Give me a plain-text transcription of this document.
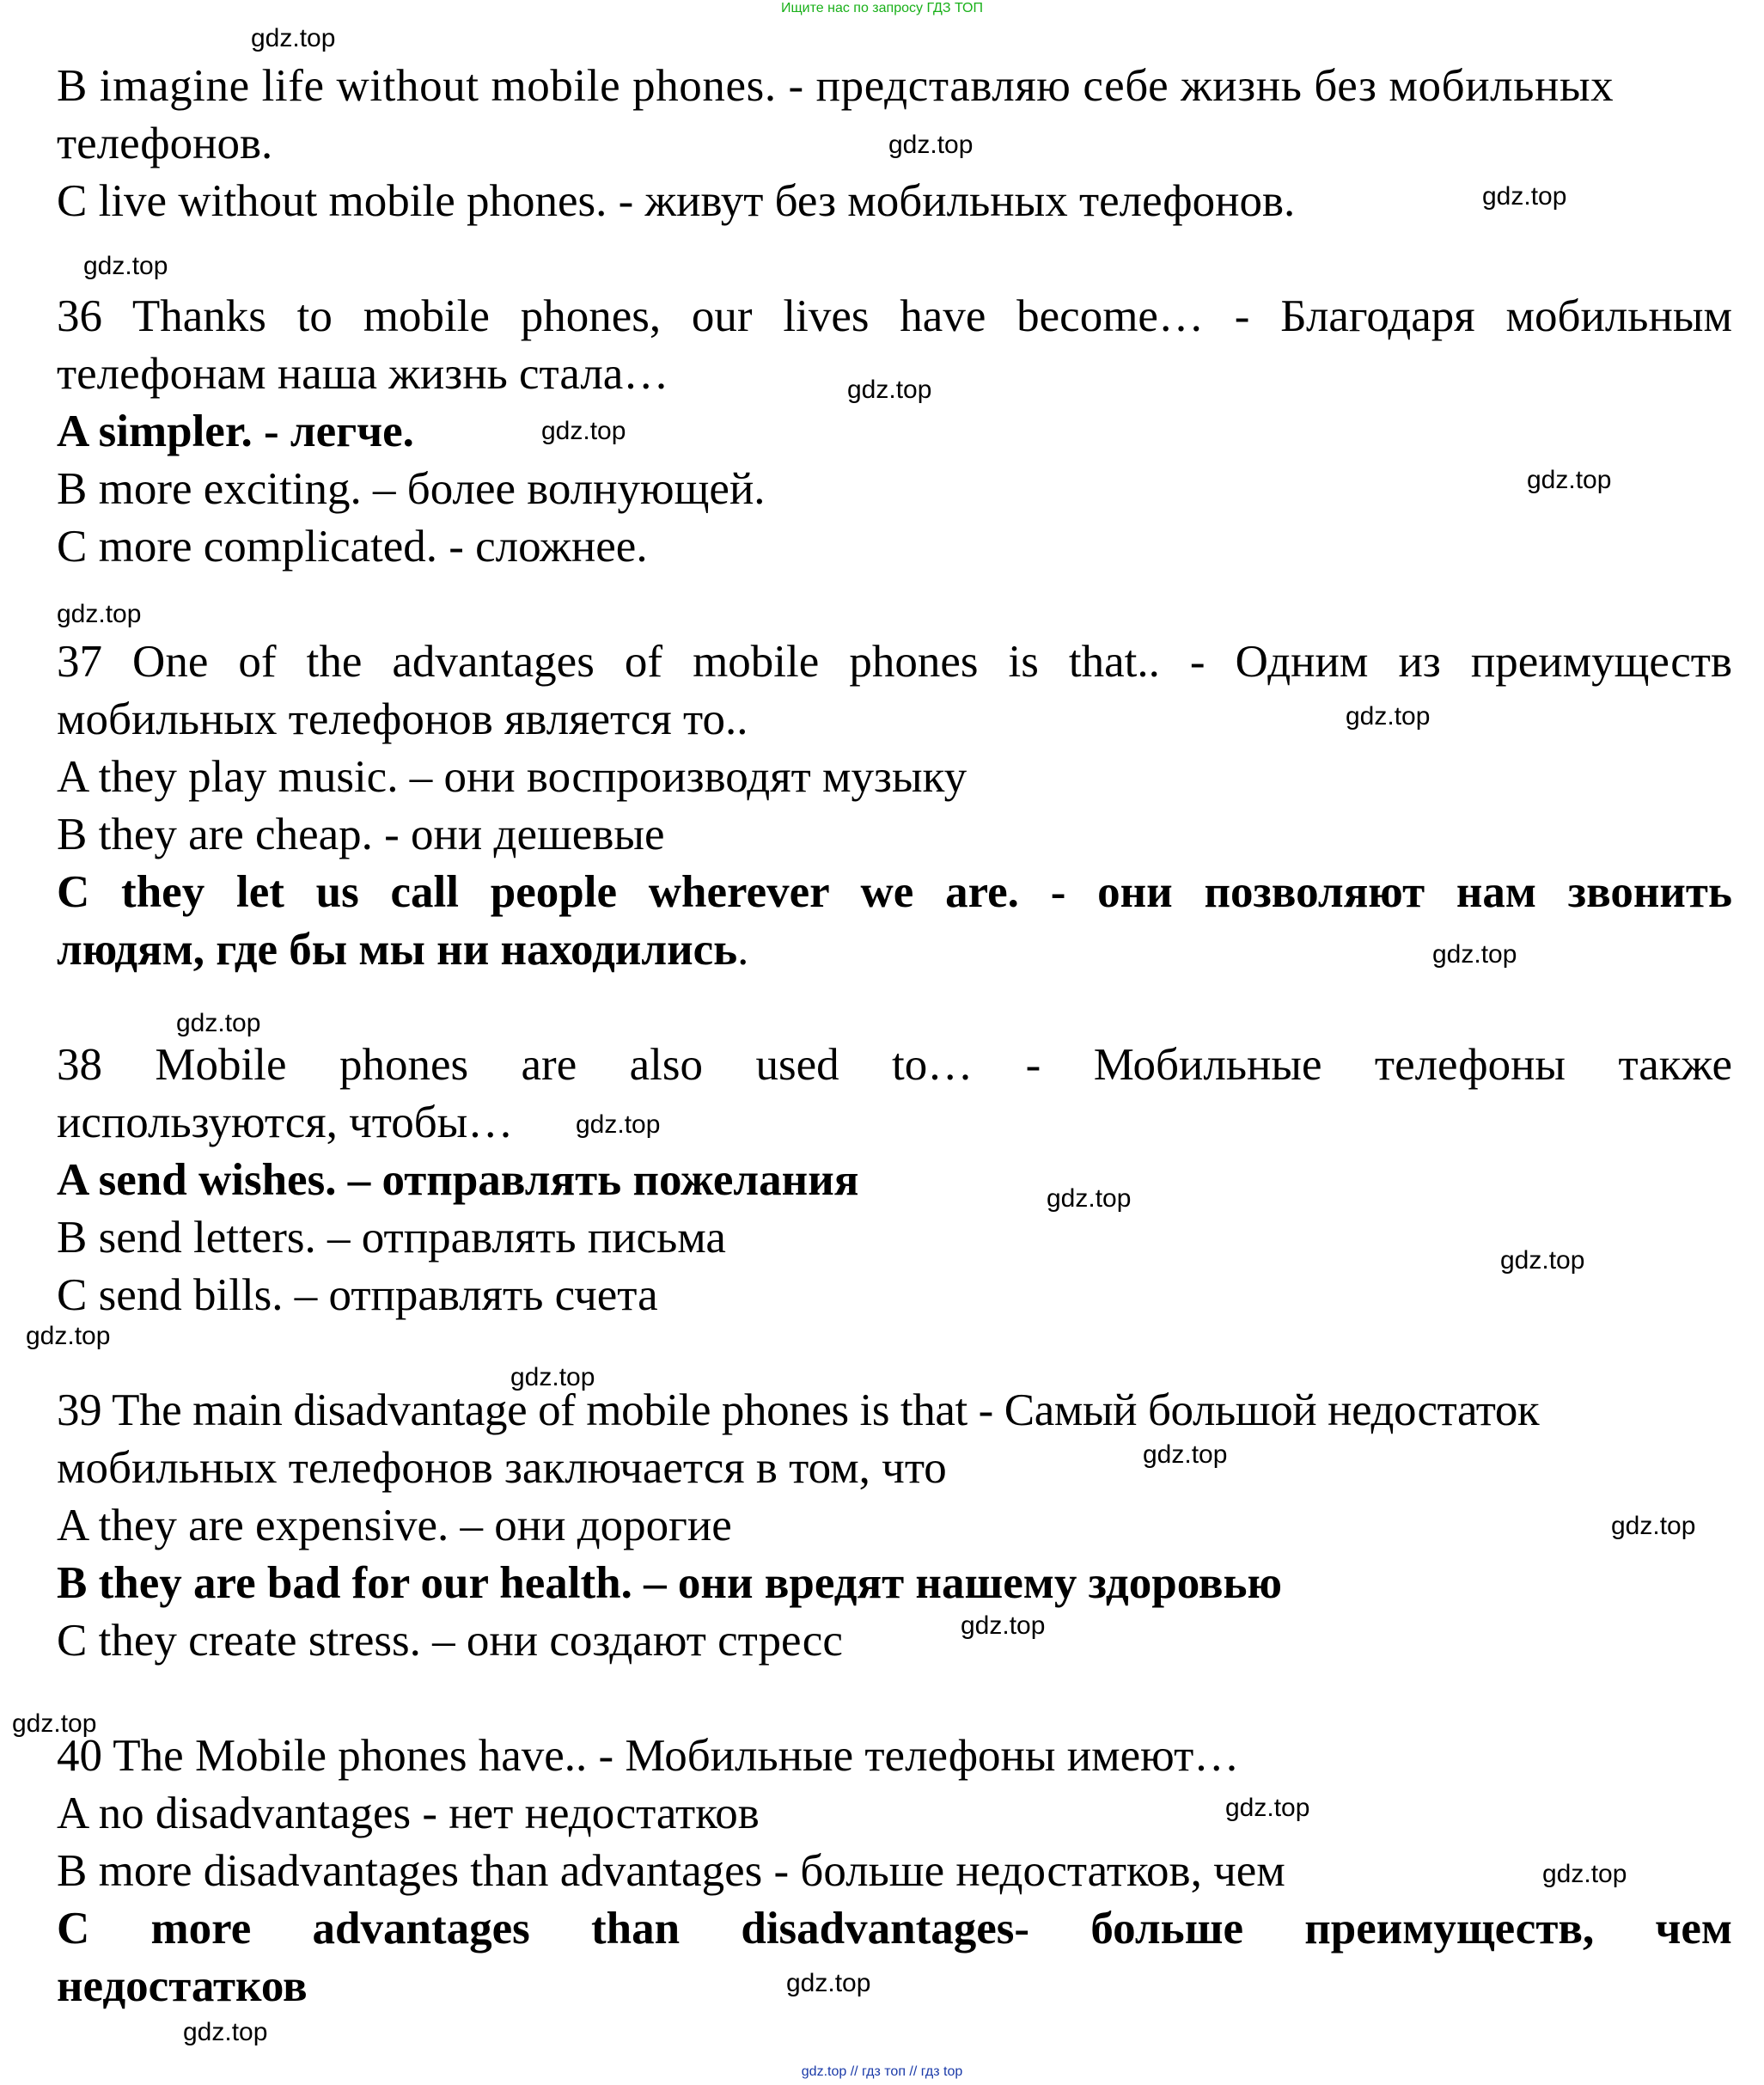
Ищите нас по запросу ГДЗ ТОП
B imagine life without mobile phones. - представляю себе жизнь без мобильных
телефонов.
C live without mobile phones. - живут без мобильных телефонов.
36 Thanks to mobile phones, our lives have become… - Благодаря мобильным
телефонам наша жизнь стала…
A simpler. - легче.
B more exciting. – более волнующей.
C more complicated. - сложнее.
37 One of the advantages of mobile phones is that.. - Одним из преимуществ
мобильных телефонов является то..
A they play music. – они воспроизводят музыку
B they are cheap. - они дешевые
C they let us call people wherever we are. - они позволяют нам звонить
людям, где бы мы ни находились.
38 Mobile phones are also used to… - Мобильные телефоны также
используются, чтобы…
A send wishes. – отправлять пожелания
B send letters. – отправлять письма
C send bills. – отправлять счета
39 The main disadvantage of mobile phones is that - Самый большой недостаток
мобильных телефонов заключается в том, что
A they are expensive. – они дорогие
B they are bad for our health. – они вредят нашему здоровью
C they create stress. – они создают стресс
40 The Mobile phones have.. - Мобильные телефоны имеют…
A no disadvantages - нет недостатков
B more disadvantages than advantages - больше недостатков, чем
C more advantages than disadvantages- больше преимуществ, чем
недостатков
gdz.top
gdz.top
gdz.top
gdz.top
gdz.top
gdz.top
gdz.top
gdz.top
gdz.top
gdz.top
gdz.top
gdz.top
gdz.top
gdz.top
gdz.top
gdz.top
gdz.top
gdz.top
gdz.top
gdz.top
gdz.top
gdz.top
gdz.top
gdz.top
gdz.top // гдз топ // гдз top
